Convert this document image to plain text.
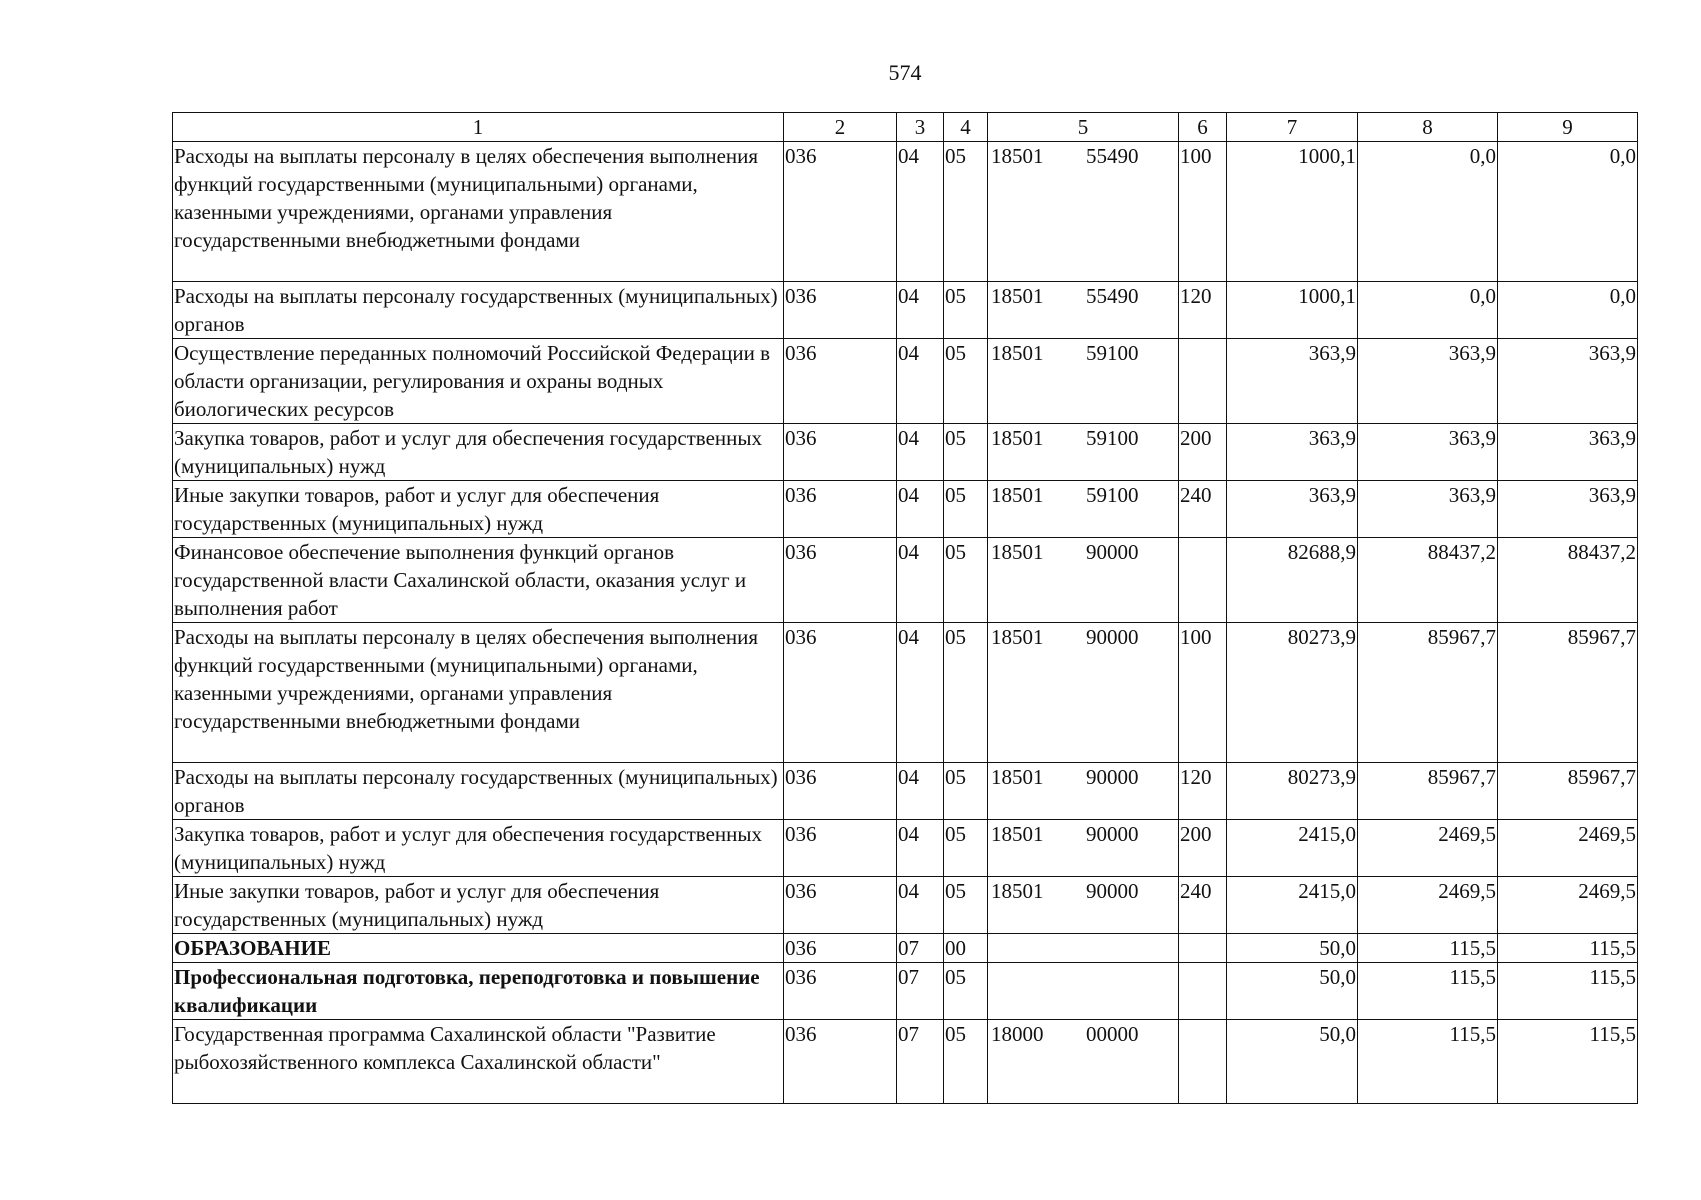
574
1	2	3	4	5	6	7	8	9
Расходы на выплаты персоналу в целях обеспечения выполнения функций государственными (муниципальными) органами, казенными учреждениями, органами управления государственными внебюджетными фондами	036	04	05	18501 55490	100	1000,1	0,0	0,0
Расходы на выплаты персоналу государственных (муниципальных) органов	036	04	05	18501 55490	120	1000,1	0,0	0,0
Осуществление переданных полномочий Российской Федерации в области организации, регулирования и охраны водных биологических ресурсов	036	04	05	18501 59100		363,9	363,9	363,9
Закупка товаров, работ и услуг для обеспечения государственных (муниципальных) нужд	036	04	05	18501 59100	200	363,9	363,9	363,9
Иные закупки товаров, работ и услуг для обеспечения государственных (муниципальных) нужд	036	04	05	18501 59100	240	363,9	363,9	363,9
Финансовое обеспечение выполнения функций органов государственной власти Сахалинской области, оказания услуг и выполнения работ	036	04	05	18501 90000		82688,9	88437,2	88437,2
Расходы на выплаты персоналу в целях обеспечения выполнения функций государственными (муниципальными) органами, казенными учреждениями, органами управления государственными внебюджетными фондами	036	04	05	18501 90000	100	80273,9	85967,7	85967,7
Расходы на выплаты персоналу государственных (муниципальных) органов	036	04	05	18501 90000	120	80273,9	85967,7	85967,7
Закупка товаров, работ и услуг для обеспечения государственных (муниципальных) нужд	036	04	05	18501 90000	200	2415,0	2469,5	2469,5
Иные закупки товаров, работ и услуг для обеспечения государственных (муниципальных) нужд	036	04	05	18501 90000	240	2415,0	2469,5	2469,5
ОБРАЗОВАНИЕ	036	07	00			50,0	115,5	115,5
Профессиональная подготовка, переподготовка и повышение квалификации	036	07	05			50,0	115,5	115,5
Государственная программа Сахалинской области "Развитие рыбохозяйственного комплекса Сахалинской области"	036	07	05	18000 00000		50,0	115,5	115,5
